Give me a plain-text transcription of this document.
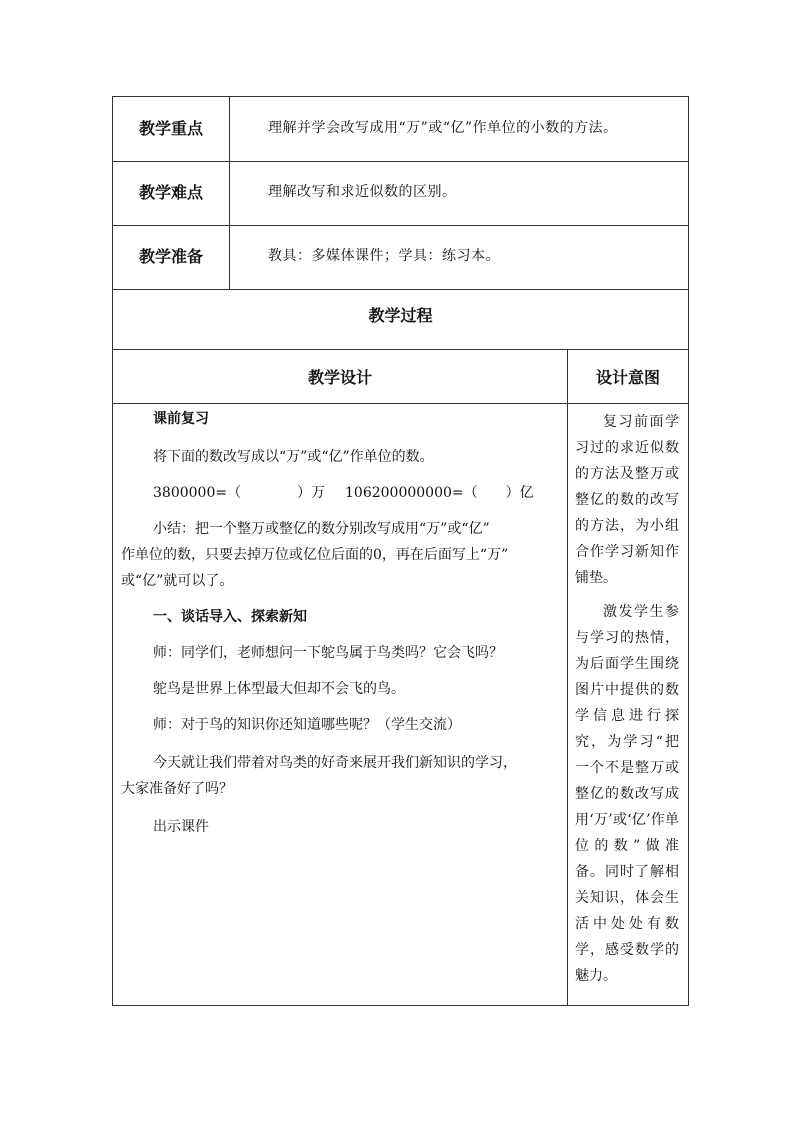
教学重点	理解并学会改写成用“万”或“亿”作单位的小数的方法。
教学难点	理解改写和求近似数的区别。
教学准备	教具：多媒体课件；学具：练习本。
教学过程
教学设计	设计意图
课前复习
将下面的数改写成以“万”或“亿”作单位的数。
3800000=（　　　　）万 106200000000=（　　）亿
小结：把一个整万或整亿的数分别改写成用“万”或“亿”
作单位的数，只要去掉万位或亿位后面的0，再在后面写上“万”
或“亿”就可以了。
一、谈话导入、探索新知
师：同学们，老师想问一下鸵鸟属于鸟类吗？它会飞吗？
鸵鸟是世界上体型最大但却不会飞的鸟。
师：对于鸟的知识你还知道哪些呢？（学生交流）
今天就让我们带着对鸟类的好奇来展开我们新知识的学习，
大家准备好了吗？
出示课件

复习前面学习过的求近似数的方法及整万或整亿的数的改写的方法，为小组合作学习新知作铺垫。

激发学生参与学习的热情，为后面学生围绕图片中提供的数学信息进行探究，为学习“把一个不是整万或整亿的数改写成用‘万’或‘亿’作单位的数”做准备。同时了解相关知识，体会生活中处处有数学，感受数学的魅力。
